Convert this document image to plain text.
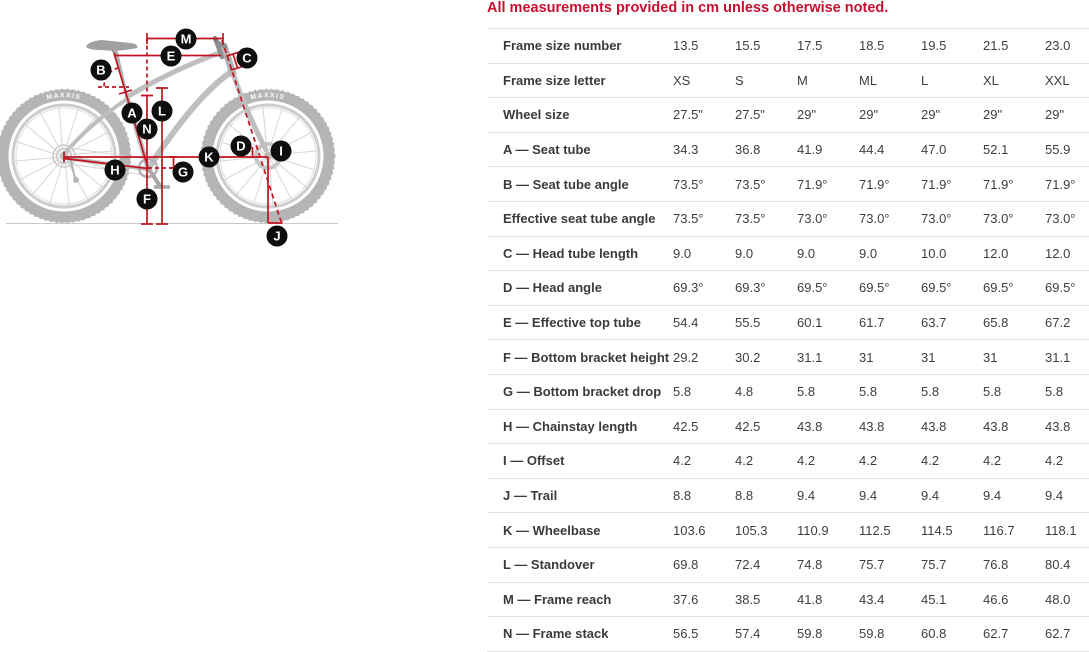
MAXXIS	MAXXIS
A
B
C
D
E
F
G
H
I
J
K
L
M
N
All measurements provided in cm unless otherwise noted.
Frame size number	13.5	15.5	17.5	18.5	19.5	21.5	23.0
Frame size letter	XS	S	M	ML	L	XL	XXL
Wheel size	27.5"	27.5"	29"	29"	29"	29"	29"
A — Seat tube	34.3	36.8	41.9	44.4	47.0	52.1	55.9
B — Seat tube angle	73.5°	73.5°	71.9°	71.9°	71.9°	71.9°	71.9°
Effective seat tube angle	73.5°	73.5°	73.0°	73.0°	73.0°	73.0°	73.0°
C — Head tube length	9.0	9.0	9.0	9.0	10.0	12.0	12.0
D — Head angle	69.3°	69.3°	69.5°	69.5°	69.5°	69.5°	69.5°
E — Effective top tube	54.4	55.5	60.1	61.7	63.7	65.8	67.2
F — Bottom bracket height 29.2	30.2	31.1	31	31	31	31.1
G — Bottom bracket drop 5.8	4.8	5.8	5.8	5.8	5.8	5.8
H — Chainstay length	42.5	42.5	43.8	43.8	43.8	43.8	43.8
I — Offset	4.2	4.2	4.2	4.2	4.2	4.2	4.2
J — Trail	8.8	8.8	9.4	9.4	9.4	9.4	9.4
K — Wheelbase	103.6	105.3	110.9	112.5	114.5	116.7	118.1
L — Standover	69.8	72.4	74.8	75.7	75.7	76.8	80.4
M — Frame reach	37.6	38.5	41.8	43.4	45.1	46.6	48.0
N — Frame stack	56.5	57.4	59.8	59.8	60.8	62.7	62.7
